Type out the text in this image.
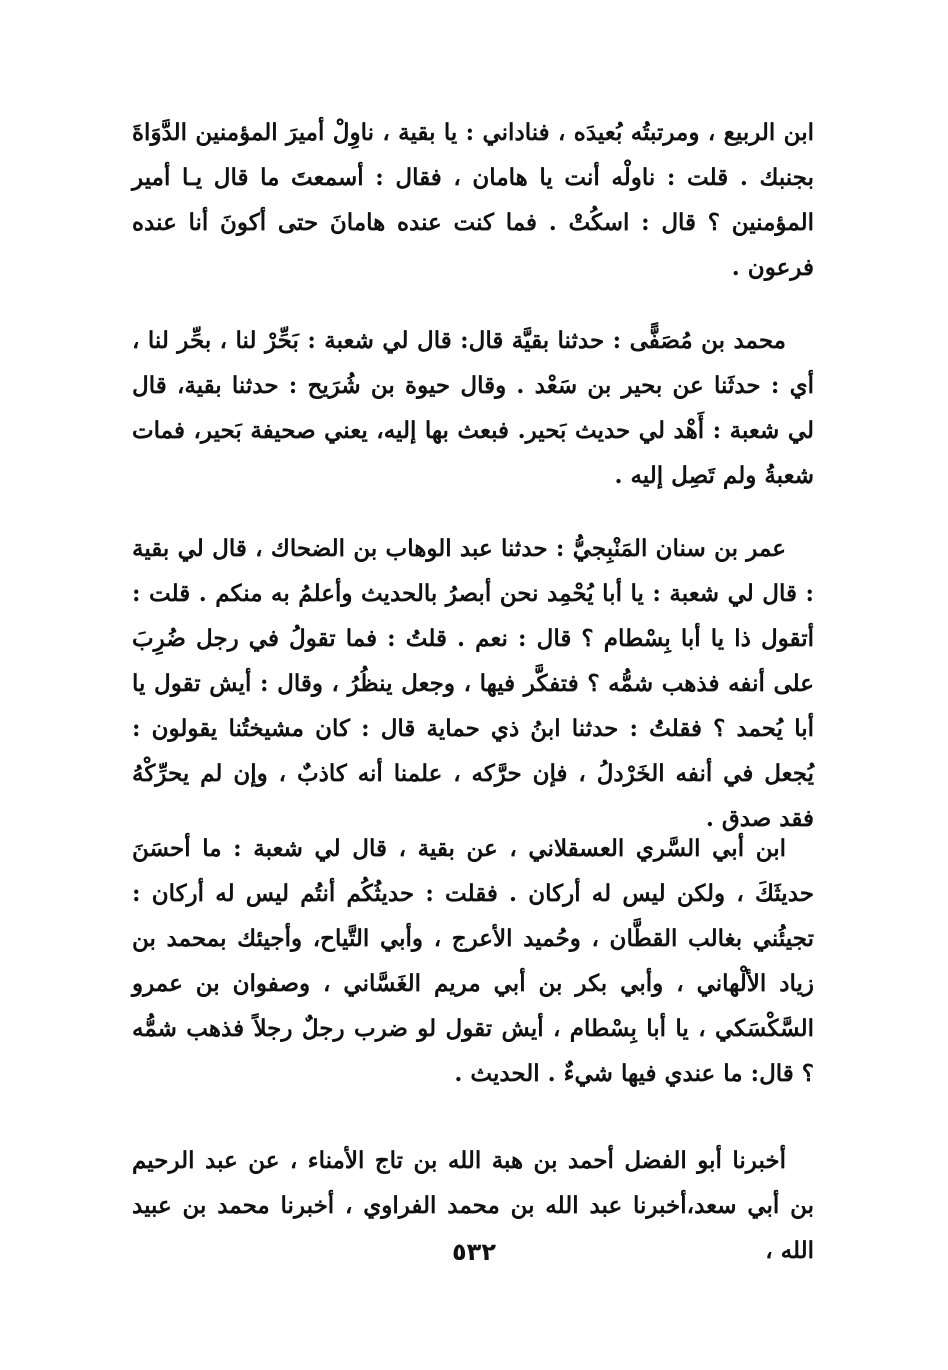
ابن الربيع ، ومرتبتُه بُعيدَه ، فناداني : يا بقية ، ناوِلْ أميرَ المؤمنين الدَّوَاةَ بجنبك . قلت : ناولْه أنت يا هامان ، فقال : أسمعتَ ما قال يـا أمير المؤمنين ؟ قال : اسكُتْ . فما كنت عنده هامانَ حتى أكونَ أنا عنده فرعون .
محمد بن مُصَفًّى : حدثنا بقيَّة قال: قال لي شعبة : بَحِّرْ لنا ، بحِّر لنا ، أي : حدثَنا عن بحير بن سَعْد . وقال حيوة بن شُرَيح : حدثنا بقية، قال لي شعبة : أَهْد لي حديث بَحير. فبعث بها إليه، يعني صحيفة بَحير، فمات شعبةُ ولم تَصِل إليه .
عمر بن سنان المَنْبِجيُّ : حدثنا عبد الوهاب بن الضحاك ، قال لي بقية : قال لي شعبة : يا أبا يُحْمِد نحن أبصرُ بالحديث وأعلمُ به منكم . قلت : أتقول ذا يا أبا بِسْطام ؟ قال : نعم . قلتُ : فما تقولُ في رجل ضُرِبَ على أنفه فذهب شمُّه ؟ فتفكَّر فيها ، وجعل ينظُرُ ، وقال : أيش تقول يا أبا يُحمد ؟ فقلتُ : حدثنا ابنُ ذي حماية قال : كان مشيختُنا يقولون : يُجعل في أنفه الخَرْدلُ ، فإن حرَّكه ، علمنا أنه كاذبٌ ، وإن لم يحرِّكْهُ فقد صدق .
ابن أبي السَّري العسقلاني ، عن بقية ، قال لي شعبة : ما أحسَنَ حديثَكَ ، ولكن ليس له أركان . فقلت : حديثُكُم أنتُم ليس له أركان : تجيئُني بغالب القطَّان ، وحُميد الأعرج ، وأبي التَّياح، وأجيئك بمحمد بن زياد الألْهاني ، وأبي بكر بن أبي مريم الغَسَّاني ، وصفوان بن عمرو السَّكْسَكي ، يا أبا بِسْطام ، أيش تقول لو ضرب رجلٌ رجلاً فذهب شمُّه ؟ قال: ما عندي فيها شيءٌ . الحديث .
أخبرنا أبو الفضل أحمد بن هبة الله بن تاج الأمناء ، عن عبد الرحيم بن أبي سعد،أخبرنا عبد الله بن محمد الفراوي ، أخبرنا محمد بن عبيد الله ،
٥٣٢
